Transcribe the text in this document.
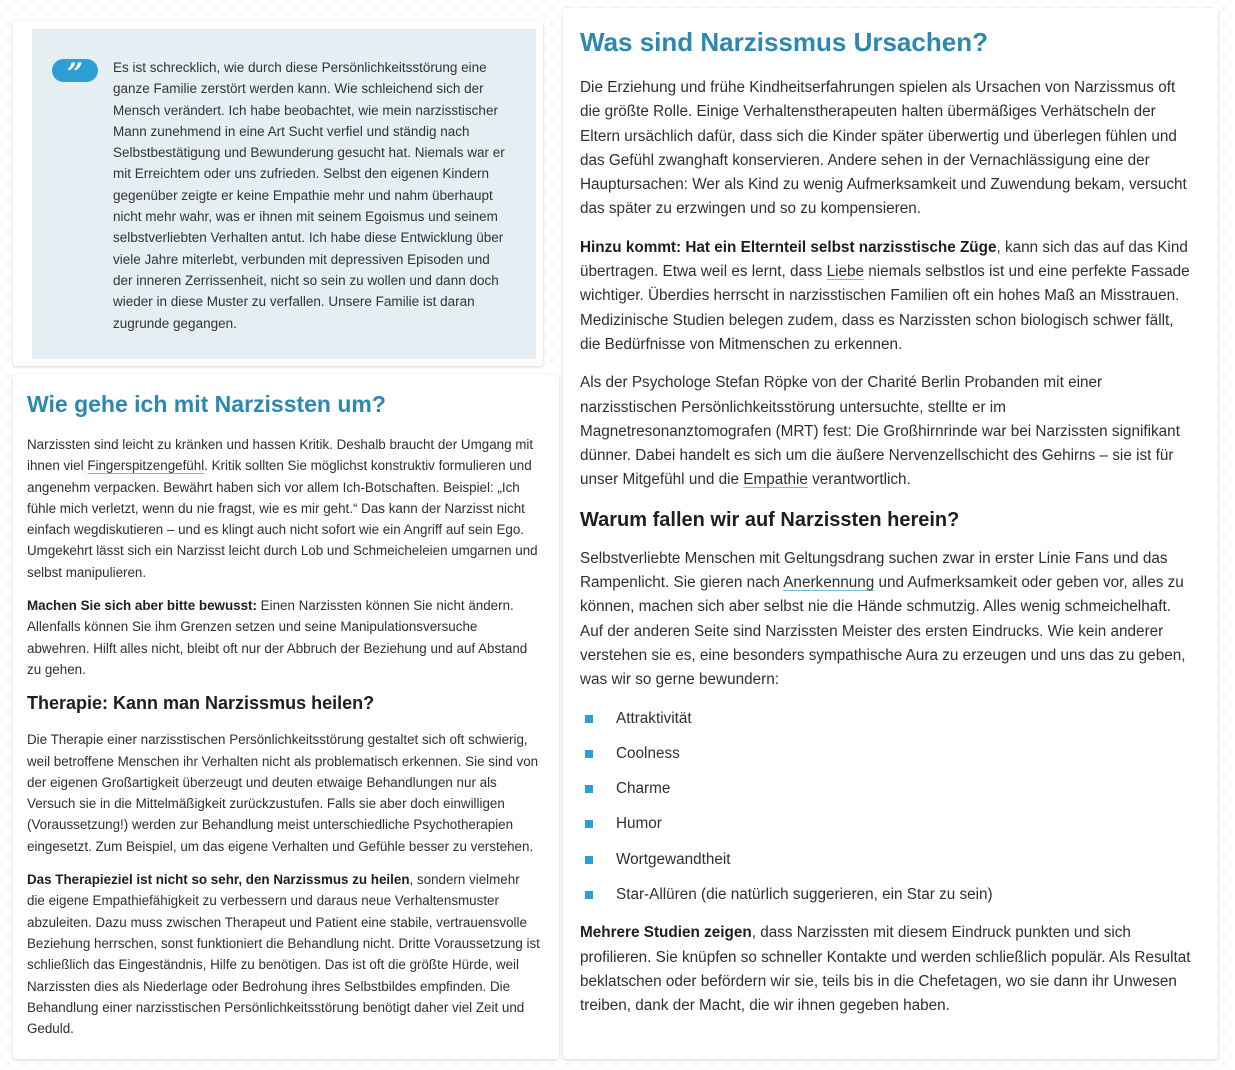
”	Es ist schrecklich, wie durch diese Persönlichkeitsstörung eine ganze Familie zerstört werden kann. Wie schleichend sich der Mensch verändert. Ich habe beobachtet, wie mein narzisstischer Mann zunehmend in eine Art Sucht verfiel und ständig nach Selbstbestätigung und Bewunderung gesucht hat. Niemals war er mit Erreichtem oder uns zufrieden. Selbst den eigenen Kindern gegenüber zeigte er keine Empathie mehr und nahm überhaupt nicht mehr wahr, was er ihnen mit seinem Egoismus und seinem selbstverliebten Verhalten antut. Ich habe diese Entwicklung über viele Jahre miterlebt, verbunden mit depressiven Episoden und der inneren Zerrissenheit, nicht so sein zu wollen und dann doch wieder in diese Muster zu verfallen. Unsere Familie ist daran zugrunde gegangen.

Wie gehe ich mit Narzissten um?

Narzissten sind leicht zu kränken und hassen Kritik. Deshalb braucht der Umgang mit ihnen viel Fingerspitzengefühl. Kritik sollten Sie möglichst konstruktiv formulieren und angenehm verpacken. Bewährt haben sich vor allem Ich-Botschaften. Beispiel: „Ich fühle mich verletzt, wenn du nie fragst, wie es mir geht.“ Das kann der Narzisst nicht einfach wegdiskutieren – und es klingt auch nicht sofort wie ein Angriff auf sein Ego. Umgekehrt lässt sich ein Narzisst leicht durch Lob und Schmeicheleien umgarnen und selbst manipulieren.

Machen Sie sich aber bitte bewusst: Einen Narzissten können Sie nicht ändern. Allenfalls können Sie ihm Grenzen setzen und seine Manipulationsversuche abwehren. Hilft alles nicht, bleibt oft nur der Abbruch der Beziehung und auf Abstand zu gehen.

Therapie: Kann man Narzissmus heilen?

Die Therapie einer narzisstischen Persönlichkeitsstörung gestaltet sich oft schwierig, weil betroffene Menschen ihr Verhalten nicht als problematisch erkennen. Sie sind von der eigenen Großartigkeit überzeugt und deuten etwaige Behandlungen nur als Versuch sie in die Mittelmäßigkeit zurückzustufen. Falls sie aber doch einwilligen (Voraussetzung!) werden zur Behandlung meist unterschiedliche Psychotherapien eingesetzt. Zum Beispiel, um das eigene Verhalten und Gefühle besser zu verstehen.

Das Therapieziel ist nicht so sehr, den Narzissmus zu heilen, sondern vielmehr die eigene Empathiefähigkeit zu verbessern und daraus neue Verhaltensmuster abzuleiten. Dazu muss zwischen Therapeut und Patient eine stabile, vertrauensvolle Beziehung herrschen, sonst funktioniert die Behandlung nicht. Dritte Voraussetzung ist schließlich das Eingeständnis, Hilfe zu benötigen. Das ist oft die größte Hürde, weil Narzissten dies als Niederlage oder Bedrohung ihres Selbstbildes empfinden. Die Behandlung einer narzisstischen Persönlichkeitsstörung benötigt daher viel Zeit und Geduld.

Was sind Narzissmus Ursachen?

Die Erziehung und frühe Kindheitserfahrungen spielen als Ursachen von Narzissmus oft die größte Rolle. Einige Verhaltenstherapeuten halten übermäßiges Verhätscheln der Eltern ursächlich dafür, dass sich die Kinder später überwertig und überlegen fühlen und das Gefühl zwanghaft konservieren. Andere sehen in der Vernachlässigung eine der Hauptursachen: Wer als Kind zu wenig Aufmerksamkeit und Zuwendung bekam, versucht das später zu erzwingen und so zu kompensieren.

Hinzu kommt: Hat ein Elternteil selbst narzisstische Züge, kann sich das auf das Kind übertragen. Etwa weil es lernt, dass Liebe niemals selbstlos ist und eine perfekte Fassade wichtiger. Überdies herrscht in narzisstischen Familien oft ein hohes Maß an Misstrauen. Medizinische Studien belegen zudem, dass es Narzissten schon biologisch schwer fällt, die Bedürfnisse von Mitmenschen zu erkennen.

Als der Psychologe Stefan Röpke von der Charité Berlin Probanden mit einer narzisstischen Persönlichkeitsstörung untersuchte, stellte er im Magnetresonanztomografen (MRT) fest: Die Großhirnrinde war bei Narzissten signifikant dünner. Dabei handelt es sich um die äußere Nervenzellschicht des Gehirns – sie ist für unser Mitgefühl und die Empathie verantwortlich.

Warum fallen wir auf Narzissten herein?

Selbstverliebte Menschen mit Geltungsdrang suchen zwar in erster Linie Fans und das Rampenlicht. Sie gieren nach Anerkennung und Aufmerksamkeit oder geben vor, alles zu können, machen sich aber selbst nie die Hände schmutzig. Alles wenig schmeichelhaft. Auf der anderen Seite sind Narzissten Meister des ersten Eindrucks. Wie kein anderer verstehen sie es, eine besonders sympathische Aura zu erzeugen und uns das zu geben, was wir so gerne bewundern:

Attraktivität
Coolness
Charme
Humor
Wortgewandtheit
Star-Allüren (die natürlich suggerieren, ein Star zu sein)

Mehrere Studien zeigen, dass Narzissten mit diesem Eindruck punkten und sich profilieren. Sie knüpfen so schneller Kontakte und werden schließlich populär. Als Resultat beklatschen oder befördern wir sie, teils bis in die Chefetagen, wo sie dann ihr Unwesen treiben, dank der Macht, die wir ihnen gegeben haben.
